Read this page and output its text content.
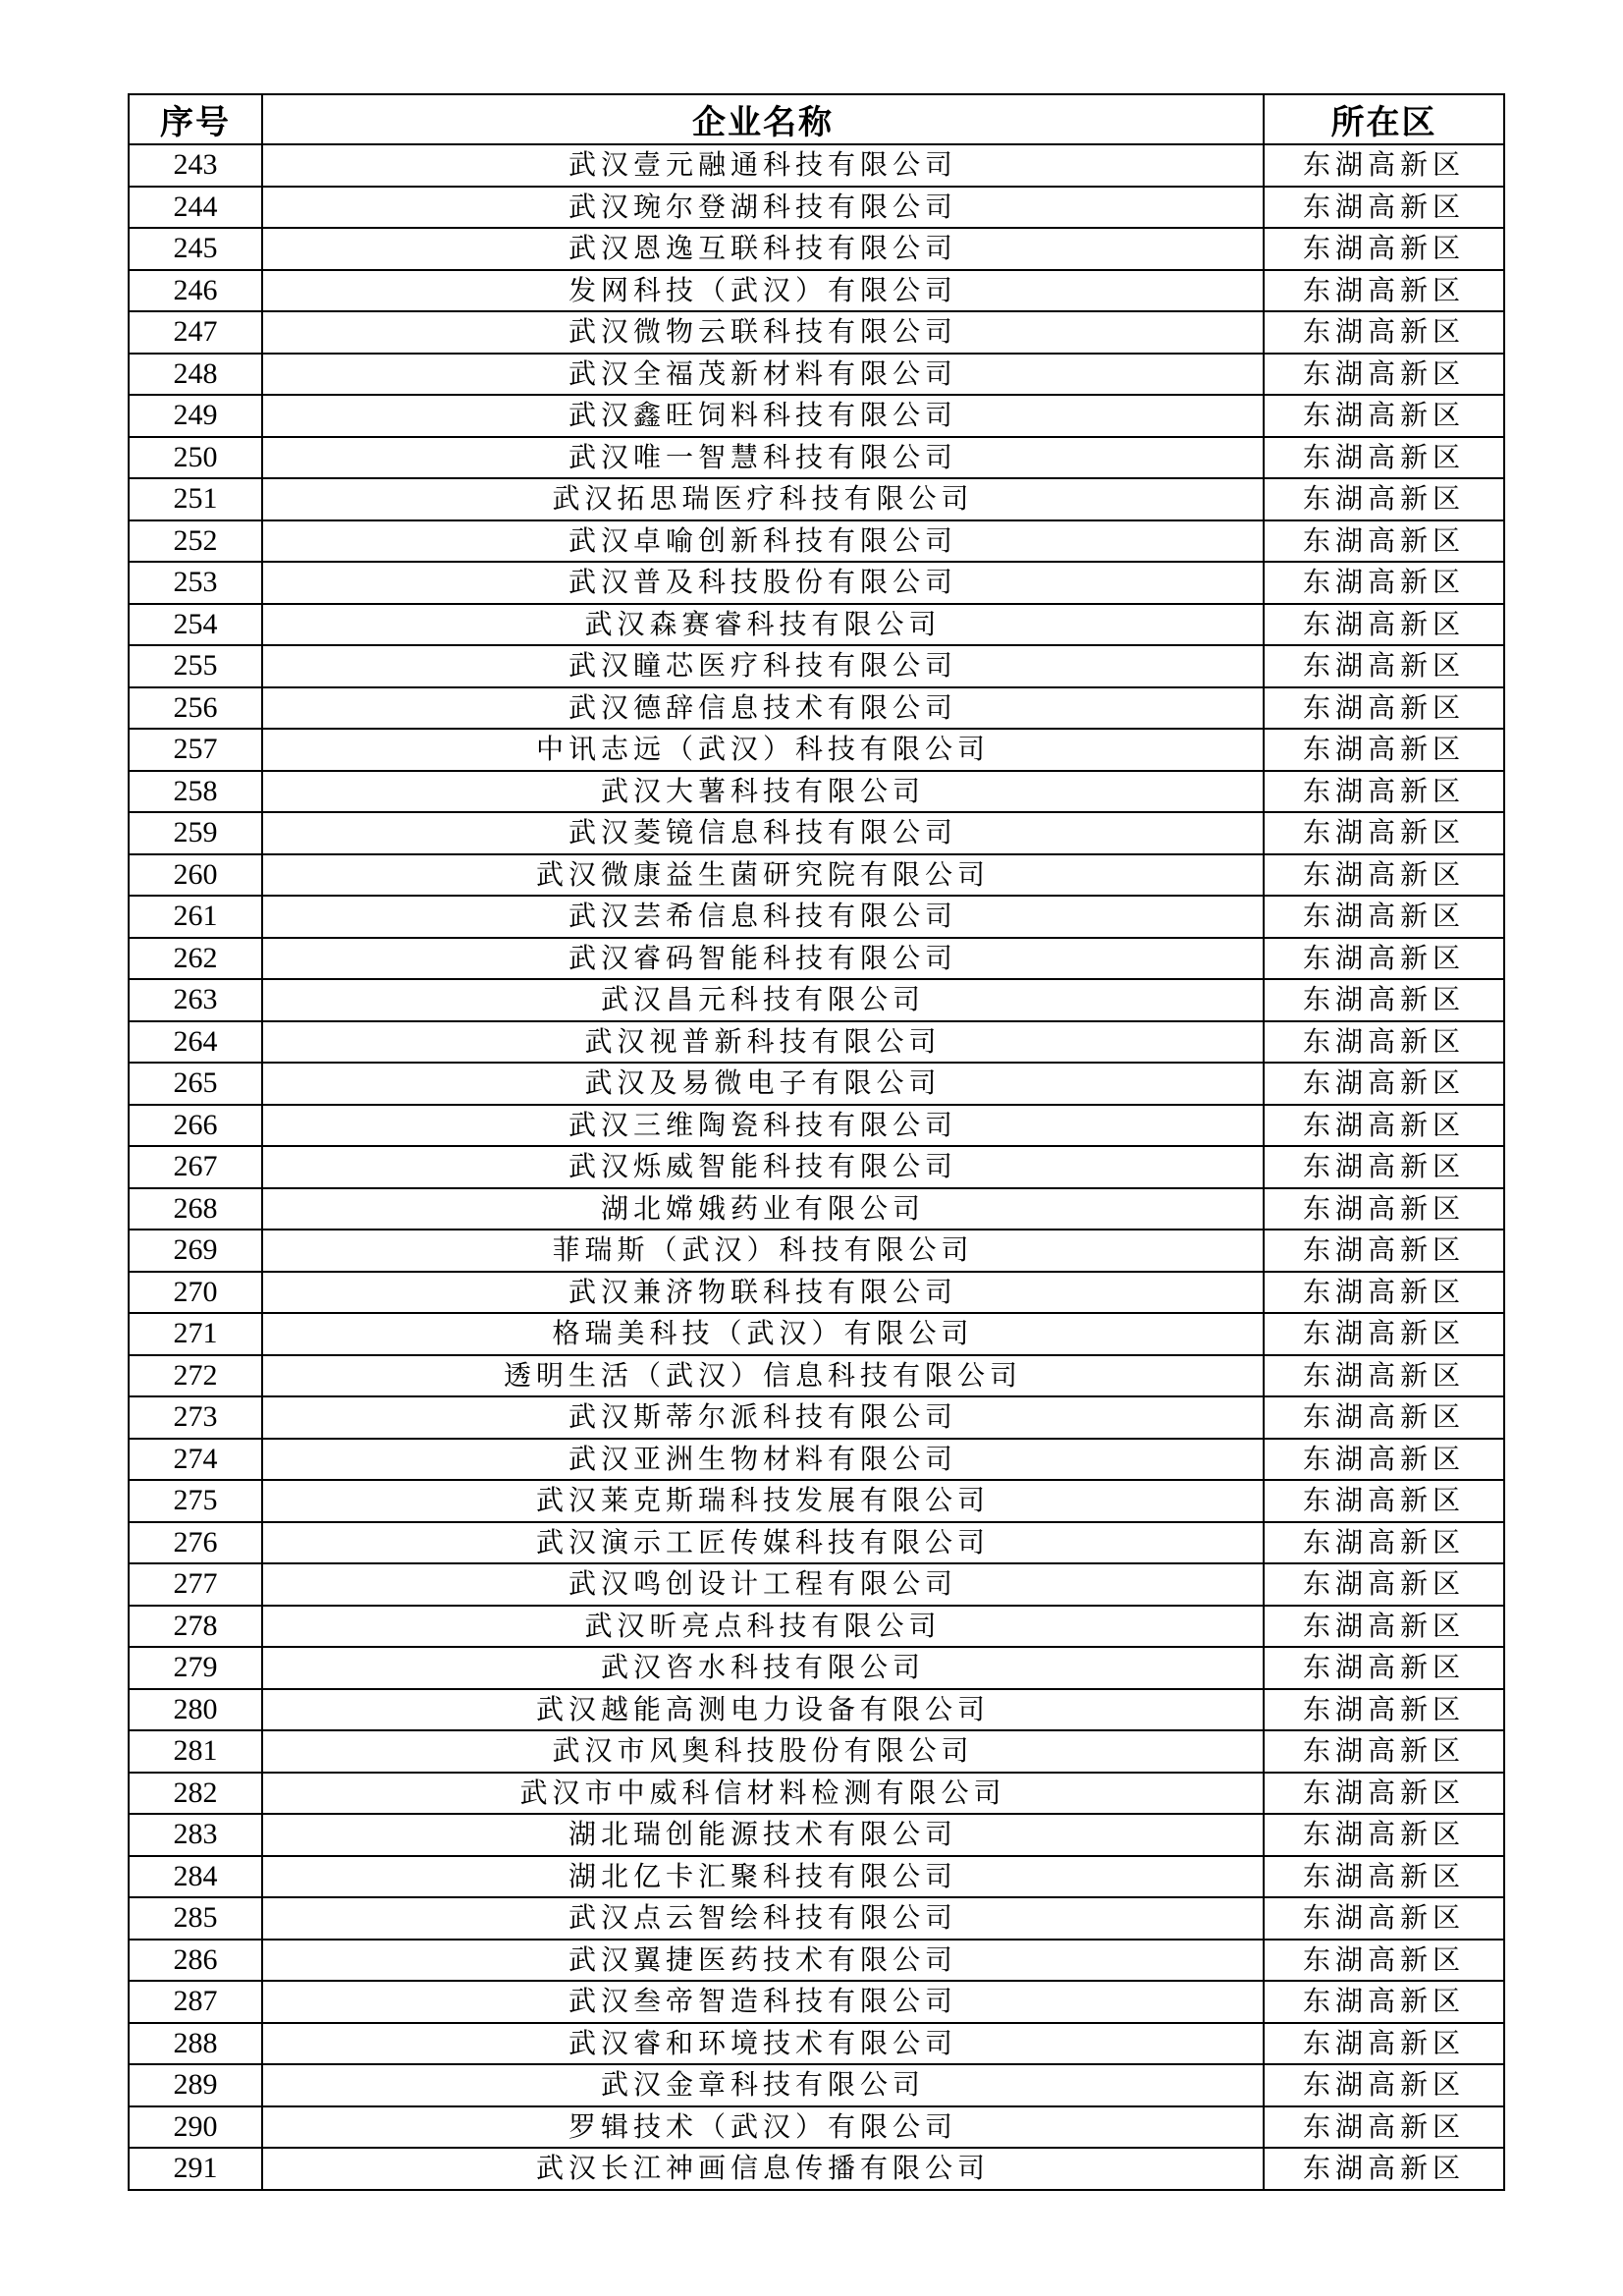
序号	企业名称	所在区
243	武汉壹元融通科技有限公司	东湖高新区
244	武汉琬尔登湖科技有限公司	东湖高新区
245	武汉恩逸互联科技有限公司	东湖高新区
246	发网科技（武汉）有限公司	东湖高新区
247	武汉微物云联科技有限公司	东湖高新区
248	武汉全福茂新材料有限公司	东湖高新区
249	武汉鑫旺饲料科技有限公司	东湖高新区
250	武汉唯一智慧科技有限公司	东湖高新区
251	武汉拓思瑞医疗科技有限公司	东湖高新区
252	武汉卓喻创新科技有限公司	东湖高新区
253	武汉普及科技股份有限公司	东湖高新区
254	武汉森赛睿科技有限公司	东湖高新区
255	武汉瞳芯医疗科技有限公司	东湖高新区
256	武汉德辞信息技术有限公司	东湖高新区
257	中讯志远（武汉）科技有限公司	东湖高新区
258	武汉大薯科技有限公司	东湖高新区
259	武汉菱镜信息科技有限公司	东湖高新区
260	武汉微康益生菌研究院有限公司	东湖高新区
261	武汉芸希信息科技有限公司	东湖高新区
262	武汉睿码智能科技有限公司	东湖高新区
263	武汉昌元科技有限公司	东湖高新区
264	武汉视普新科技有限公司	东湖高新区
265	武汉及易微电子有限公司	东湖高新区
266	武汉三维陶瓷科技有限公司	东湖高新区
267	武汉烁威智能科技有限公司	东湖高新区
268	湖北嫦娥药业有限公司	东湖高新区
269	菲瑞斯（武汉）科技有限公司	东湖高新区
270	武汉兼济物联科技有限公司	东湖高新区
271	格瑞美科技（武汉）有限公司	东湖高新区
272	透明生活（武汉）信息科技有限公司	东湖高新区
273	武汉斯蒂尔派科技有限公司	东湖高新区
274	武汉亚洲生物材料有限公司	东湖高新区
275	武汉莱克斯瑞科技发展有限公司	东湖高新区
276	武汉演示工匠传媒科技有限公司	东湖高新区
277	武汉鸣创设计工程有限公司	东湖高新区
278	武汉昕亮点科技有限公司	东湖高新区
279	武汉咨水科技有限公司	东湖高新区
280	武汉越能高测电力设备有限公司	东湖高新区
281	武汉市风奥科技股份有限公司	东湖高新区
282	武汉市中威科信材料检测有限公司	东湖高新区
283	湖北瑞创能源技术有限公司	东湖高新区
284	湖北亿卡汇聚科技有限公司	东湖高新区
285	武汉点云智绘科技有限公司	东湖高新区
286	武汉翼捷医药技术有限公司	东湖高新区
287	武汉叁帝智造科技有限公司	东湖高新区
288	武汉睿和环境技术有限公司	东湖高新区
289	武汉金章科技有限公司	东湖高新区
290	罗辑技术（武汉）有限公司	东湖高新区
291	武汉长江神画信息传播有限公司	东湖高新区
